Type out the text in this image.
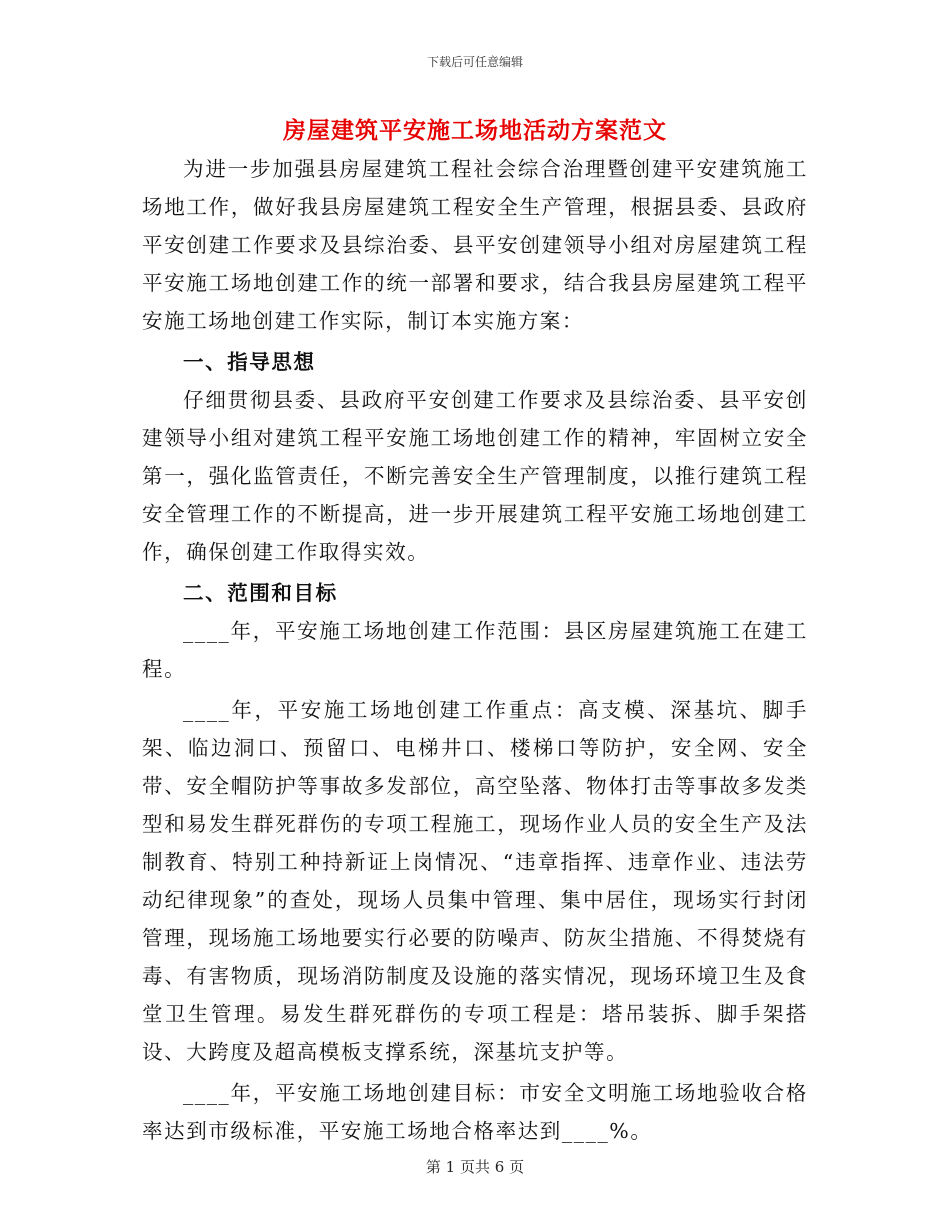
下载后可任意编辑
房屋建筑平安施工场地活动方案范文

为进一步加强县房屋建筑工程社会综合治理暨创建平安建筑施工场地工作，做好我县房屋建筑工程安全生产管理，根据县委、县政府平安创建工作要求及县综治委、县平安创建领导小组对房屋建筑工程平安施工场地创建工作的统一部署和要求，结合我县房屋建筑工程平安施工场地创建工作实际，制订本实施方案：

一、指导思想

仔细贯彻县委、县政府平安创建工作要求及县综治委、县平安创建领导小组对建筑工程平安施工场地创建工作的精神，牢固树立安全第一，强化监管责任，不断完善安全生产管理制度，以推行建筑工程安全管理工作的不断提高，进一步开展建筑工程平安施工场地创建工作，确保创建工作取得实效。

二、范围和目标

____年，平安施工场地创建工作范围：县区房屋建筑施工在建工程。

____年，平安施工场地创建工作重点：高支模、深基坑、脚手架、临边洞口、预留口、电梯井口、楼梯口等防护，安全网、安全带、安全帽防护等事故多发部位，高空坠落、物体打击等事故多发类型和易发生群死群伤的专项工程施工，现场作业人员的安全生产及法制教育、特别工种持新证上岗情况、“违章指挥、违章作业、违法劳动纪律现象”的查处，现场人员集中管理、集中居住，现场实行封闭管理，现场施工场地要实行必要的防噪声、防灰尘措施、不得焚烧有毒、有害物质，现场消防制度及设施的落实情况，现场环境卫生及食堂卫生管理。易发生群死群伤的专项工程是：塔吊装拆、脚手架搭设、大跨度及超高模板支撑系统，深基坑支护等。

____年，平安施工场地创建目标：市安全文明施工场地验收合格率达到市级标准，平安施工场地合格率达到____%。

第 1 页共 6 页
